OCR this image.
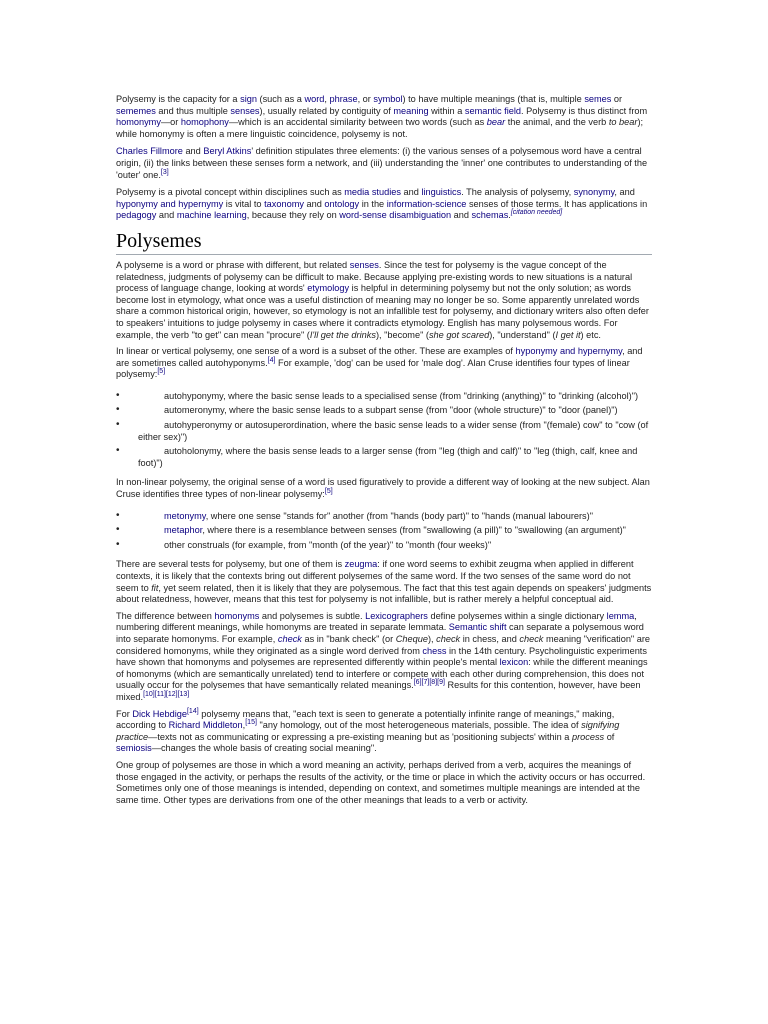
Polysemy is the capacity for a sign (such as a word, phrase, or symbol) to have multiple meanings (that is, multiple semes or sememes and thus multiple senses), usually related by contiguity of meaning within a semantic field. Polysemy is thus distinct from homonymy—or homophony—which is an accidental similarity between two words (such as bear the animal, and the verb to bear); while homonymy is often a mere linguistic coincidence, polysemy is not.

Charles Fillmore and Beryl Atkins' definition stipulates three elements: (i) the various senses of a polysemous word have a central origin, (ii) the links between these senses form a network, and (iii) understanding the 'inner' one contributes to understanding of the 'outer' one.[3]

Polysemy is a pivotal concept within disciplines such as media studies and linguistics. The analysis of polysemy, synonymy, and hyponymy and hypernymy is vital to taxonomy and ontology in the information-science senses of those terms. It has applications in pedagogy and machine learning, because they rely on word-sense disambiguation and schemas.[citation needed]

Polysemes

A polyseme is a word or phrase with different, but related senses. Since the test for polysemy is the vague concept of the relatedness, judgments of polysemy can be difficult to make. Because applying pre-existing words to new situations is a natural process of language change, looking at words' etymology is helpful in determining polysemy but not the only solution; as words become lost in etymology, what once was a useful distinction of meaning may no longer be so. Some apparently unrelated words share a common historical origin, however, so etymology is not an infallible test for polysemy, and dictionary writers also often defer to speakers' intuitions to judge polysemy in cases where it contradicts etymology. English has many polysemous words. For example, the verb "to get" can mean "procure" (I'll get the drinks), "become" (she got scared), "understand" (I get it) etc.

In linear or vertical polysemy, one sense of a word is a subset of the other. These are examples of hyponymy and hypernymy, and are sometimes called autohyponyms.[4] For example, 'dog' can be used for 'male dog'. Alan Cruse identifies four types of linear polysemy:[5]

•	autohyponymy, where the basic sense leads to a specialised sense (from "drinking (anything)" to "drinking (alcohol)")
•	automeronymy, where the basic sense leads to a subpart sense (from "door (whole structure)" to "door (panel)")
•	autohyperonymy or autosuperordination, where the basic sense leads to a wider sense (from "(female) cow" to "cow (of either sex)")
•	autoholonymy, where the basis sense leads to a larger sense (from "leg (thigh and calf)" to "leg (thigh, calf, knee and foot)")

In non-linear polysemy, the original sense of a word is used figuratively to provide a different way of looking at the new subject. Alan Cruse identifies three types of non-linear polysemy:[5]

•	metonymy, where one sense "stands for" another (from "hands (body part)" to "hands (manual labourers)"
•	metaphor, where there is a resemblance between senses (from "swallowing (a pill)" to "swallowing (an argument)"
•	other construals (for example, from "month (of the year)" to "month (four weeks)"

There are several tests for polysemy, but one of them is zeugma: if one word seems to exhibit zeugma when applied in different contexts, it is likely that the contexts bring out different polysemes of the same word. If the two senses of the same word do not seem to fit, yet seem related, then it is likely that they are polysemous. The fact that this test again depends on speakers' judgments about relatedness, however, means that this test for polysemy is not infallible, but is rather merely a helpful conceptual aid.

The difference between homonyms and polysemes is subtle. Lexicographers define polysemes within a single dictionary lemma, numbering different meanings, while homonyms are treated in separate lemmata. Semantic shift can separate a polysemous word into separate homonyms. For example, check as in "bank check" (or Cheque), check in chess, and check meaning "verification" are considered homonyms, while they originated as a single word derived from chess in the 14th century. Psycholinguistic experiments have shown that homonyms and polysemes are represented differently within people's mental lexicon: while the different meanings of homonyms (which are semantically unrelated) tend to interfere or compete with each other during comprehension, this does not usually occur for the polysemes that have semantically related meanings.[6][7][8][9] Results for this contention, however, have been mixed.[10][11][12][13]

For Dick Hebdige[14] polysemy means that, "each text is seen to generate a potentially infinite range of meanings," making, according to Richard Middleton,[15] "any homology, out of the most heterogeneous materials, possible. The idea of signifying practice—texts not as communicating or expressing a pre-existing meaning but as 'positioning subjects' within a process of semiosis—changes the whole basis of creating social meaning".

One group of polysemes are those in which a word meaning an activity, perhaps derived from a verb, acquires the meanings of those engaged in the activity, or perhaps the results of the activity, or the time or place in which the activity occurs or has occurred. Sometimes only one of those meanings is intended, depending on context, and sometimes multiple meanings are intended at the same time. Other types are derivations from one of the other meanings that leads to a verb or activity.
